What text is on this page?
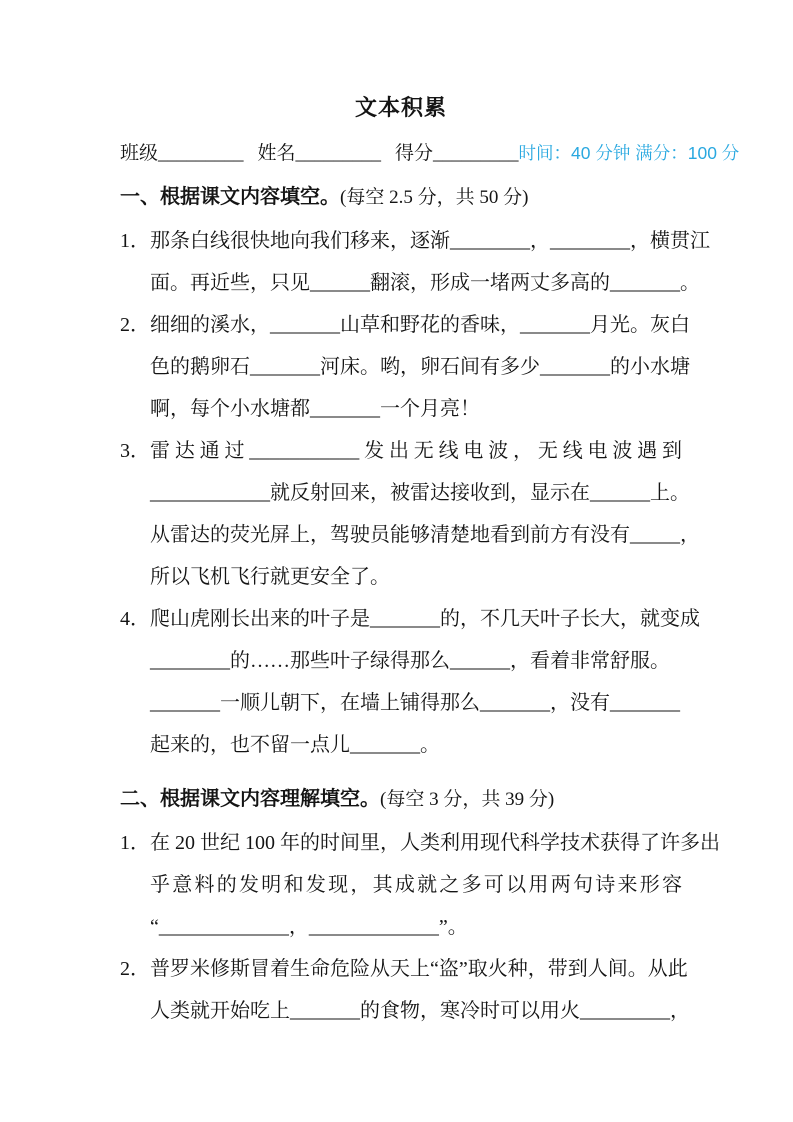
文本积累
班级_________ 姓名_________ 得分_________ 时间：40 分钟 满分：100 分
一、根据课文内容填空。(每空 2.5 分，共 50 分)
1． 那条白线很快地向我们移来，逐渐________，________，横贯江
面。再近些，只见______翻滚，形成一堵两丈多高的_______。
2． 细细的溪水，_______山草和野花的香味，_______月光。灰白
色的鹅卵石_______河床。哟，卵石间有多少_______的小水塘
啊，每个小水塘都_______一个月亮！
3． 雷达通过___________发出无线电波，无线电波遇到
____________就反射回来，被雷达接收到，显示在______上。
从雷达的荧光屏上，驾驶员能够清楚地看到前方有没有_____，
所以飞机飞行就更安全了。
4． 爬山虎刚长出来的叶子是_______的，不几天叶子长大，就变成
________的……那些叶子绿得那么______，看着非常舒服。
_______一顺儿朝下，在墙上铺得那么_______，没有_______
起来的，也不留一点儿_______。
二、根据课文内容理解填空。(每空 3 分，共 39 分)
1． 在 20 世纪 100 年的时间里，人类利用现代科学技术获得了许多出
乎意料的发明和发现，其成就之多可以用两句诗来形容
“_____________，_____________”。
2． 普罗米修斯冒着生命危险从天上“盗”取火种，带到人间。从此
人类就开始吃上_______的食物，寒冷时可以用火_________，
